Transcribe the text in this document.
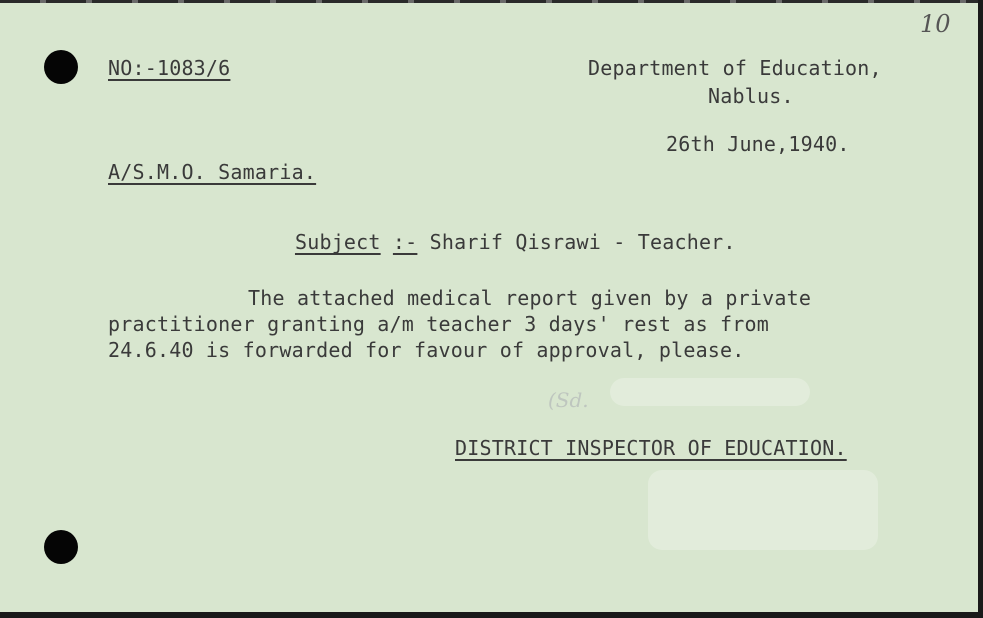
10
NO:-1083/6	Department of Education,
Nablus.
26th June,1940.
A/S.M.O. Samaria.

Subject :- Sharif Qisrawi - Teacher.

The attached medical report given by a private
practitioner granting a/m teacher 3 days' rest as from
24.6.40 is forwarded for favour of approval, please.
(Sd.
DISTRICT INSPECTOR OF EDUCATION.
